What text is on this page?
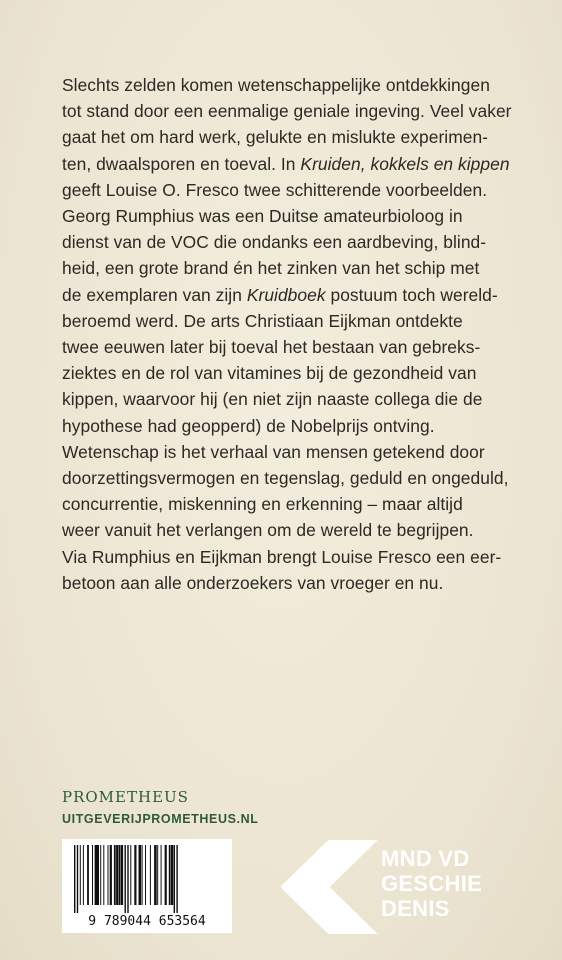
Slechts zelden komen wetenschappelijke ontdekkingen
tot stand door een eenmalige geniale ingeving. Veel vaker
gaat het om hard werk, gelukte en mislukte experimen-
ten, dwaalsporen en toeval. In Kruiden, kokkels en kippen
geeft Louise O. Fresco twee schitterende voorbeelden.
Georg Rumphius was een Duitse amateurbioloog in
dienst van de VOC die ondanks een aardbeving, blind-
heid, een grote brand én het zinken van het schip met
de exemplaren van zijn Kruidboek postuum toch wereld-
beroemd werd. De arts Christiaan Eijkman ontdekte
twee eeuwen later bij toeval het bestaan van gebreks-
ziektes en de rol van vitamines bij de gezondheid van
kippen, waarvoor hij (en niet zijn naaste collega die de
hypothese had geopperd) de Nobelprijs ontving.
Wetenschap is het verhaal van mensen getekend door
doorzettingsvermogen en tegenslag, geduld en ongeduld,
concurrentie, miskenning en erkenning – maar altijd
weer vanuit het verlangen om de wereld te begrijpen.
Via Rumphius en Eijkman brengt Louise Fresco een eer-
betoon aan alle onderzoekers van vroeger en nu.
PROMETHEUS
UITGEVERIJPROMETHEUS.NL
9 789044 653564
MND VD
GESCHIE
DENIS
